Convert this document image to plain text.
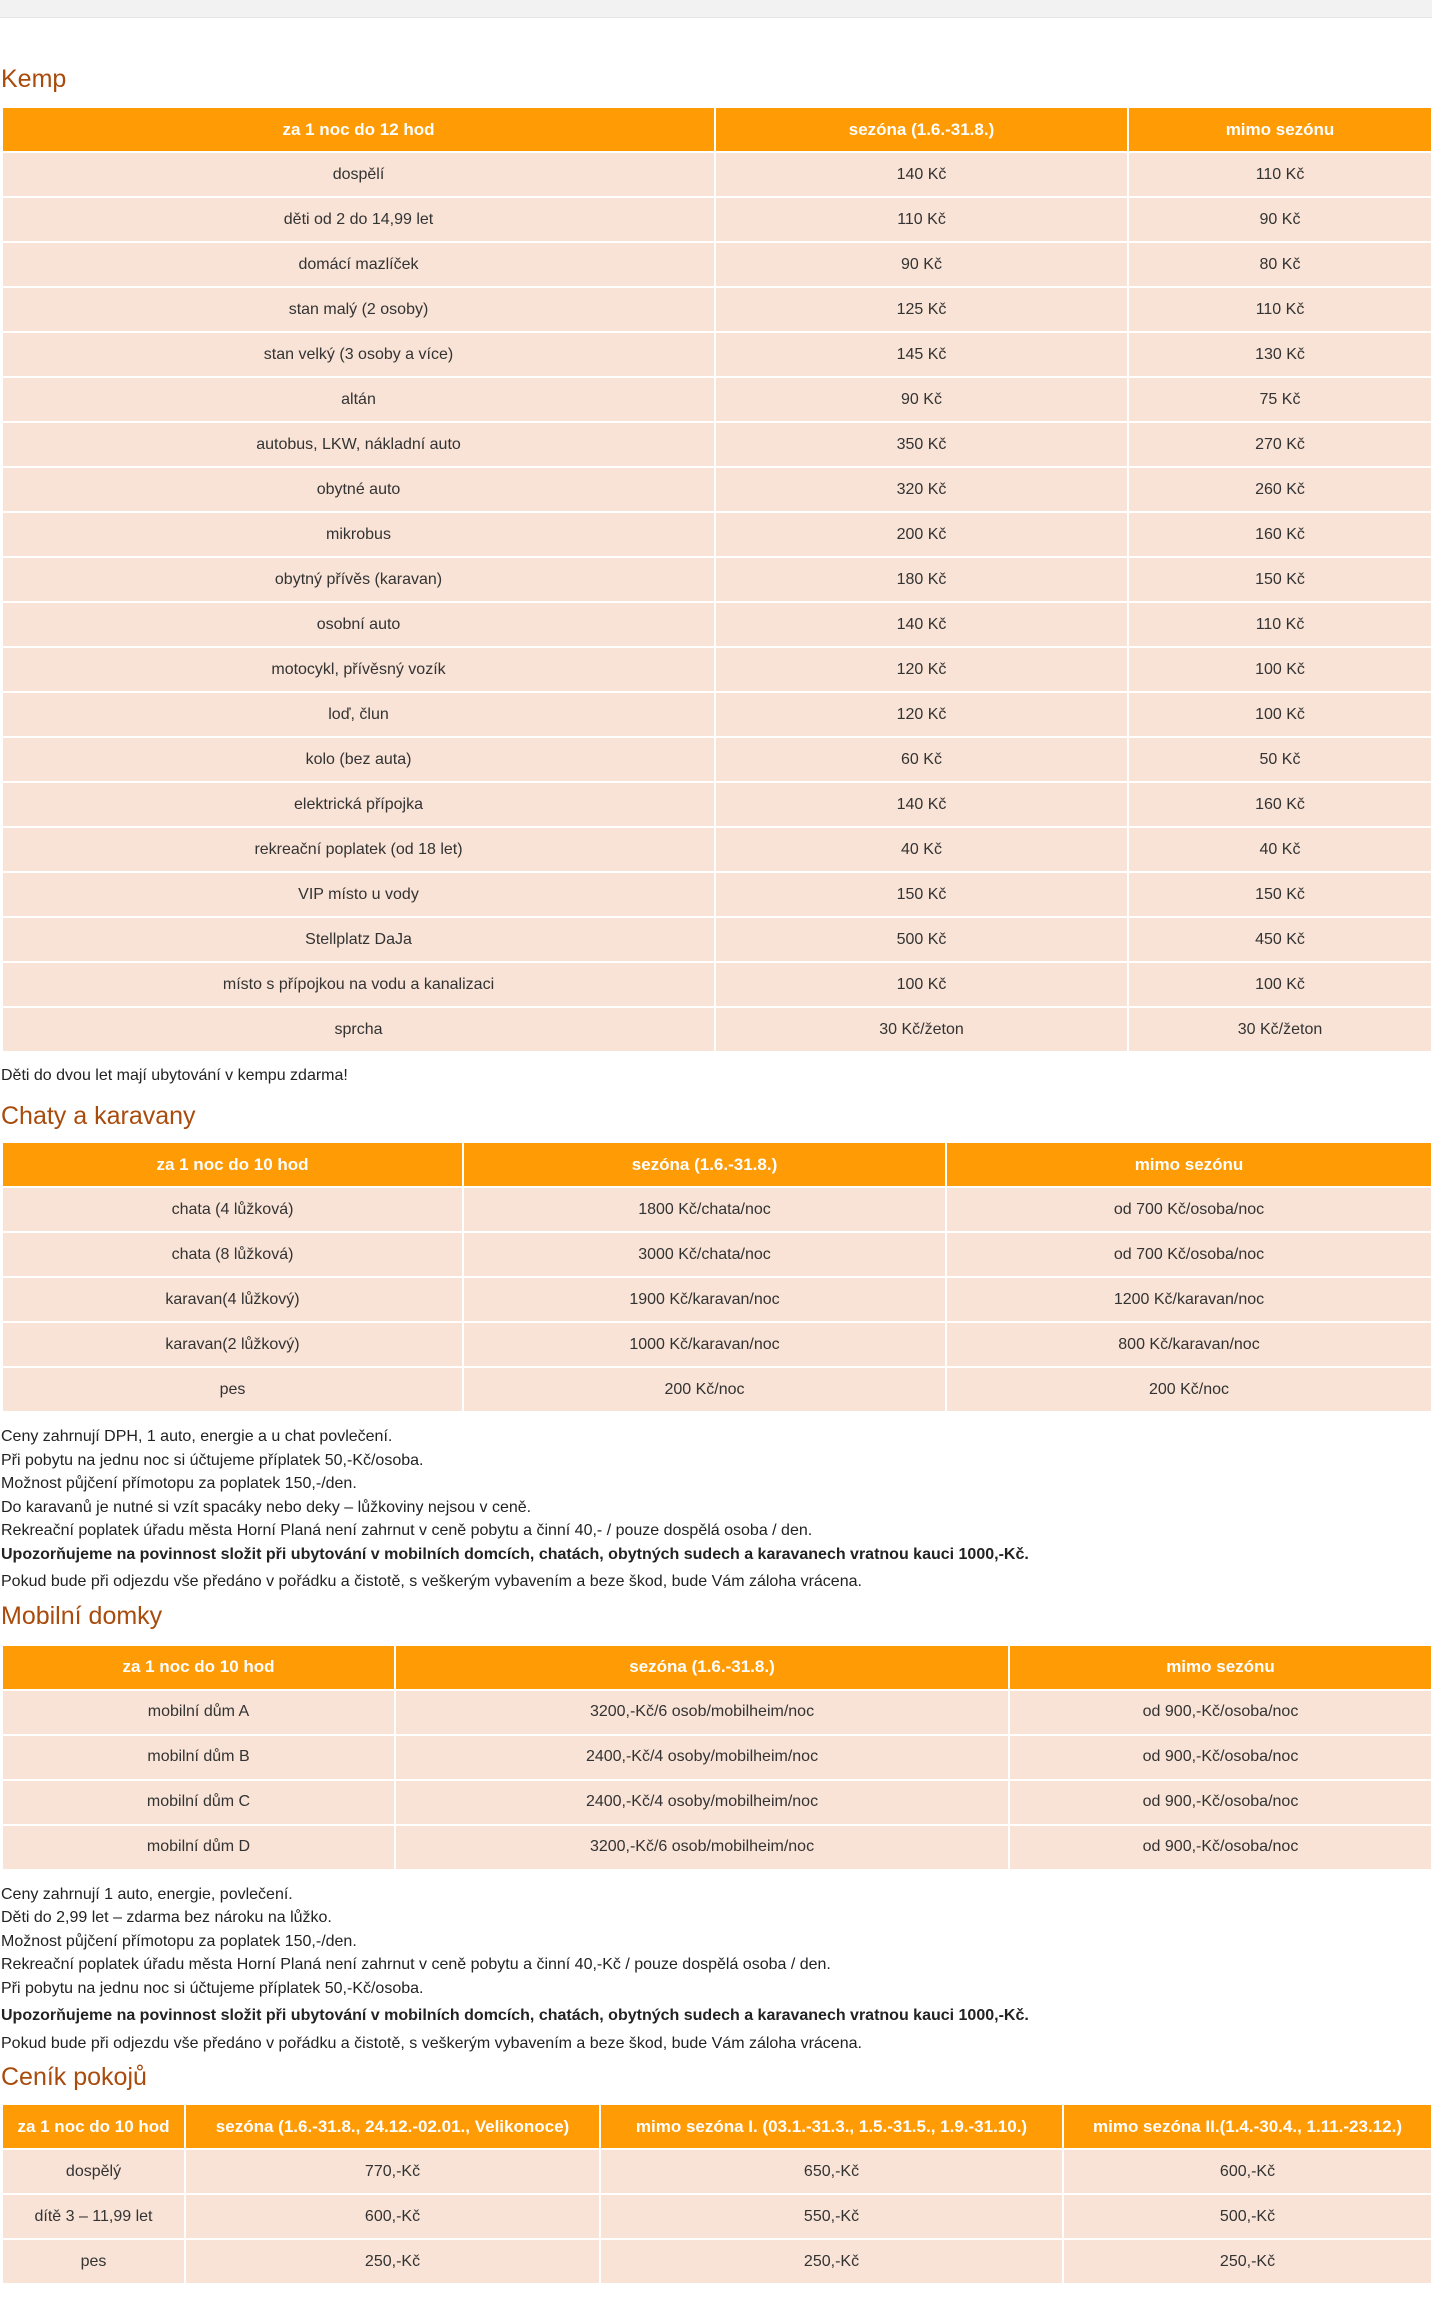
Kemp
za 1 noc do 12 hod	sezóna (1.6.-31.8.)	mimo sezónu
dospělí	140 Kč	110 Kč
děti od 2 do 14,99 let	110 Kč	90 Kč
domácí mazlíček	90 Kč	80 Kč
stan malý (2 osoby)	125 Kč	110 Kč
stan velký (3 osoby a více)	145 Kč	130 Kč
altán	90 Kč	75 Kč
autobus, LKW, nákladní auto	350 Kč	270 Kč
obytné auto	320 Kč	260 Kč
mikrobus	200 Kč	160 Kč
obytný přívěs (karavan)	180 Kč	150 Kč
osobní auto	140 Kč	110 Kč
motocykl, přívěsný vozík	120 Kč	100 Kč
loď, člun	120 Kč	100 Kč
kolo (bez auta)	60 Kč	50 Kč
elektrická přípojka	140 Kč	160 Kč
rekreační poplatek (od 18 let)	40 Kč	40 Kč
VIP místo u vody	150 Kč	150 Kč
Stellplatz DaJa	500 Kč	450 Kč
místo s přípojkou na vodu a kanalizaci	100 Kč	100 Kč
sprcha	30 Kč/žeton	30 Kč/žeton

Děti do dvou let mají ubytování v kempu zdarma!

Chaty a karavany
za 1 noc do 10 hod	sezóna (1.6.-31.8.)	mimo sezónu
chata (4 lůžková)	1800 Kč/chata/noc	od 700 Kč/osoba/noc
chata (8 lůžková)	3000 Kč/chata/noc	od 700 Kč/osoba/noc
karavan(4 lůžkový)	1900 Kč/karavan/noc	1200 Kč/karavan/noc
karavan(2 lůžkový)	1000 Kč/karavan/noc	800 Kč/karavan/noc
pes	200 Kč/noc	200 Kč/noc

Ceny zahrnují DPH, 1 auto, energie a u chat povlečení.

Při pobytu na jednu noc si účtujeme příplatek 50,-Kč/osoba.

Možnost půjčení přímotopu za poplatek 150,-/den.

Do karavanů je nutné si vzít spacáky nebo deky – lůžkoviny nejsou v ceně.

Rekreační poplatek úřadu města Horní Planá není zahrnut v ceně pobytu a činní 40,- / pouze dospělá osoba / den.

Upozorňujeme na povinnost složit při ubytování v mobilních domcích, chatách, obytných sudech a karavanech vratnou kauci 1000,-Kč.

Pokud bude při odjezdu vše předáno v pořádku a čistotě, s veškerým vybavením a beze škod, bude Vám záloha vrácena.

Mobilní domky
za 1 noc do 10 hod	sezóna (1.6.-31.8.)	mimo sezónu
mobilní dům A	3200,-Kč/6 osob/mobilheim/noc	od 900,-Kč/osoba/noc
mobilní dům B	2400,-Kč/4 osoby/mobilheim/noc	od 900,-Kč/osoba/noc
mobilní dům C	2400,-Kč/4 osoby/mobilheim/noc	od 900,-Kč/osoba/noc
mobilní dům D	3200,-Kč/6 osob/mobilheim/noc	od 900,-Kč/osoba/noc

Ceny zahrnují 1 auto, energie, povlečení.

Děti do 2,99 let – zdarma bez nároku na lůžko.

Možnost půjčení přímotopu za poplatek 150,-/den.

Rekreační poplatek úřadu města Horní Planá není zahrnut v ceně pobytu a činní 40,-Kč / pouze dospělá osoba / den.

Při pobytu na jednu noc si účtujeme příplatek 50,-Kč/osoba.

Upozorňujeme na povinnost složit při ubytování v mobilních domcích, chatách, obytných sudech a karavanech vratnou kauci 1000,-Kč.

Pokud bude při odjezdu vše předáno v pořádku a čistotě, s veškerým vybavením a beze škod, bude Vám záloha vrácena.

Ceník pokojů
za 1 noc do 10 hod	sezóna (1.6.-31.8., 24.12.-02.01., Velikonoce)	mimo sezóna I. (03.1.-31.3., 1.5.-31.5., 1.9.-31.10.)	mimo sezóna II.(1.4.-30.4., 1.11.-23.12.)
dospělý	770,-Kč	650,-Kč	600,-Kč
dítě 3 – 11,99 let	600,-Kč	550,-Kč	500,-Kč
pes	250,-Kč	250,-Kč	250,-Kč
